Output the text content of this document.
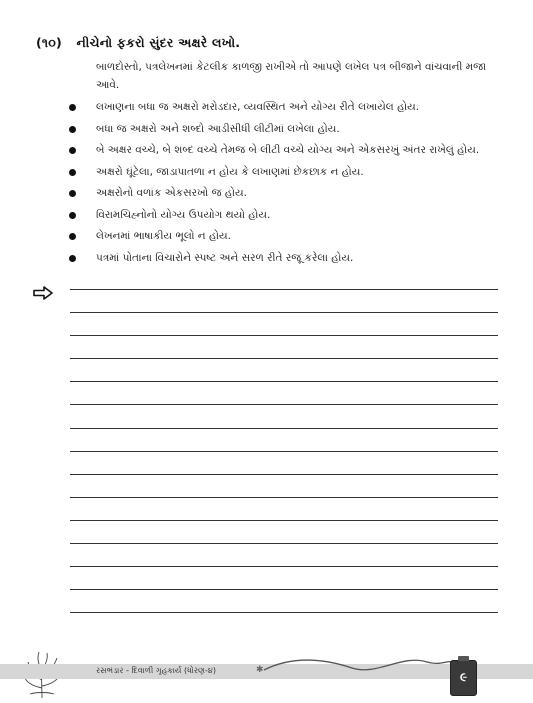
(૧૦) નીચેનો ફકરો સુંદર અક્ષરે લખો.
બાળદોસ્તો, પત્રલેખનમાં કેટલીક કાળજી રાખીએ તો આપણે લખેલ પત્ર બીજાને વાંચવાની મજા આવે.
લખાણના બધા જ અક્ષરો મરોડદાર, વ્યવસ્થિત અને યોગ્ય રીતે લખાયેલ હોય.
બધા જ અક્ષરો અને શબ્દો આડીસીધી લીટીમાં લખેલા હોય.
બે અક્ષર વચ્ચે, બે શબ્દ વચ્ચે તેમજ બે લીટી વચ્ચે યોગ્ય અને એકસરખું અંતર રાખેલું હોય.
અક્ષરો ઘૂંટેલા, જાડાપાતળા ન હોય કે લખાણમાં છેકછાક ન હોય.
અક્ષરોનો વળાંક એકસરખો જ હોય.
વિરામચિહ્નોનો યોગ્ય ઉપયોગ થયો હોય.
લેખનમાં ભાષાકીય ભૂલો ન હોય.
પત્રમાં પોતાના વિચારોને સ્પષ્ટ અને સરળ રીતે રજૂ કરેલા હોય.
રસભંડાર - દિવાળી ગૃહકાર્ય (ધોરણ-૪)	✱	૯
